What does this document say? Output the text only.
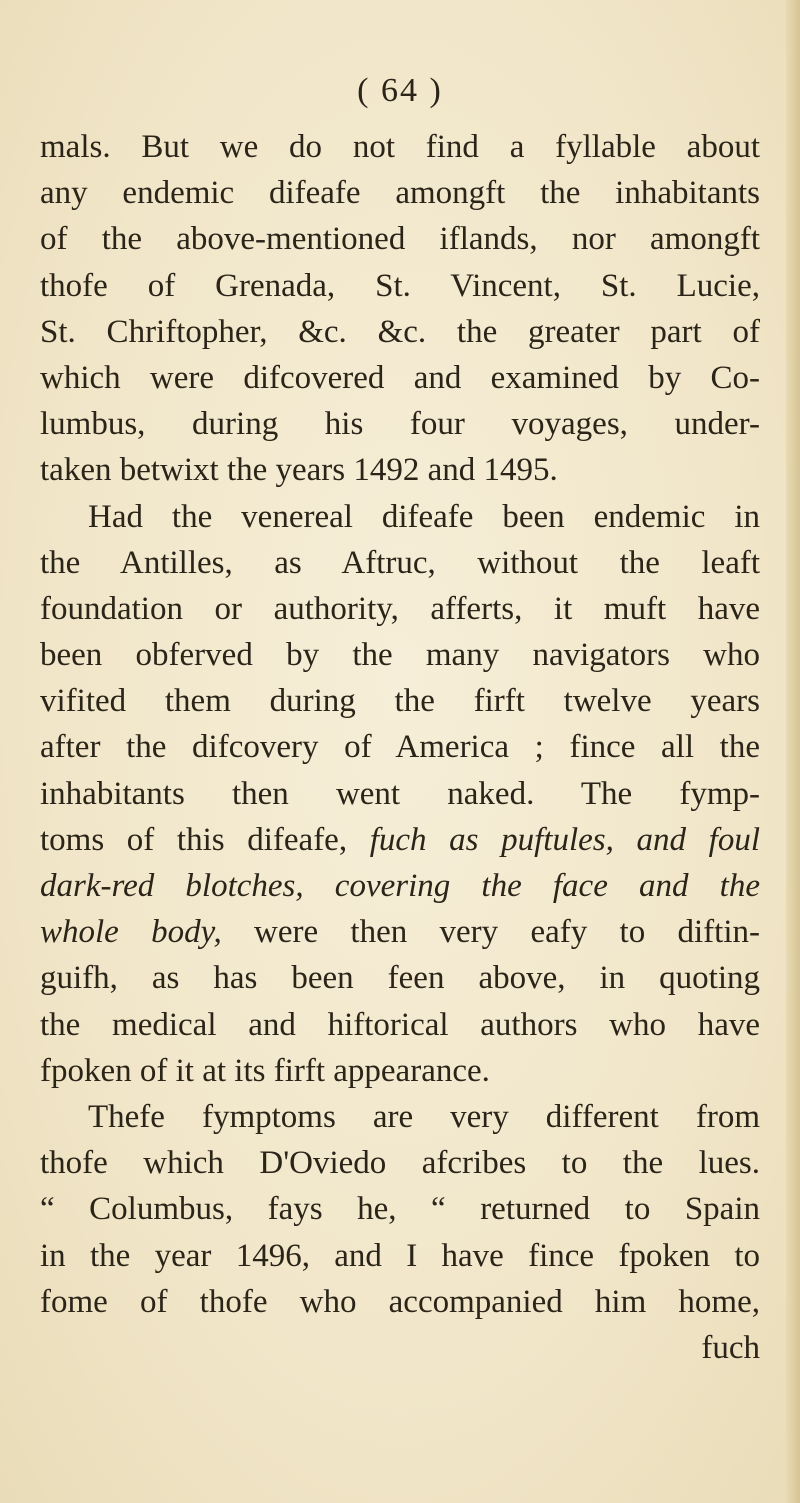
( 64 )
mals. But we do not find a fyllable about
any endemic difeafe amongft the inhabitants
of the above-mentioned iflands, nor amongft
thofe of Grenada, St. Vincent, St. Lucie,
St. Chriftopher, &c. &c. the greater part of
which were difcovered and examined by Co-
lumbus, during his four voyages, under-
taken betwixt the years 1492 and 1495.
Had the venereal difeafe been endemic in
the Antilles, as Aftruc, without the leaft
foundation or authority, afferts, it muft have
been obferved by the many navigators who
vifited them during the firft twelve years
after the difcovery of America ; fince all the
inhabitants then went naked. The fymp-
toms of this difeafe, fuch as puftules, and foul
dark-red blotches, covering the face and the
whole body, were then very eafy to diftin-
guifh, as has been feen above, in quoting
the medical and hiftorical authors who have
fpoken of it at its firft appearance.
Thefe fymptoms are very different from
thofe which D'Oviedo afcribes to the lues.
“ Columbus, fays he, “ returned to Spain
in the year 1496, and I have fince fpoken to
fome of thofe who accompanied him home,
fuch
